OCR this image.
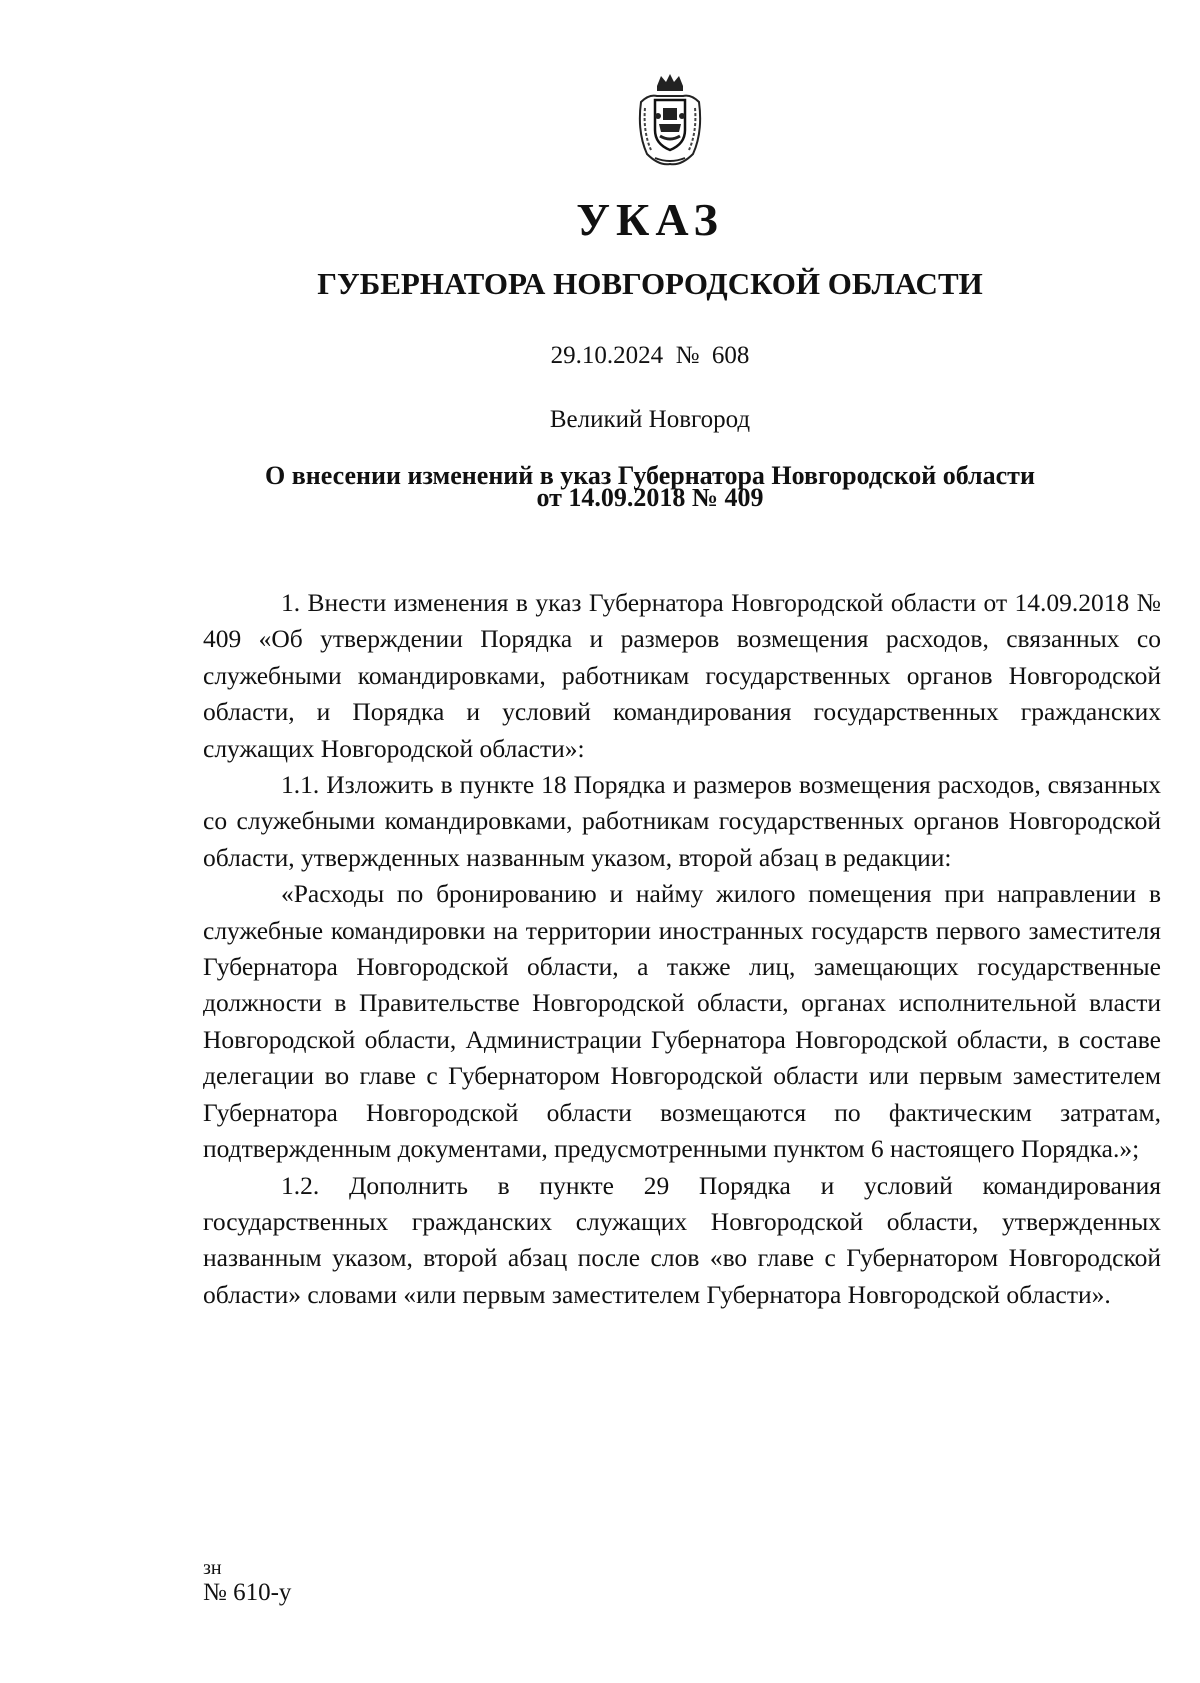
УКАЗ
ГУБЕРНАТОРА НОВГОРОДСКОЙ ОБЛАСТИ
29.10.2024 № 608
Великий Новгород
О внесении изменений в указ Губернатора Новгородской области
от 14.09.2018 № 409

1. Внести изменения в указ Губернатора Новгородской области от 14.09.2018 № 409 «Об утверждении Порядка и размеров возмещения расходов, связанных со служебными командировками, работникам государственных органов Новгородской области, и Порядка и условий командирования государственных гражданских служащих Новгородской области»:

1.1. Изложить в пункте 18 Порядка и размеров возмещения расходов, связанных со служебными командировками, работникам государственных органов Новгородской области, утвержденных названным указом, второй абзац в редакции:

«Расходы по бронированию и найму жилого помещения при направлении в служебные командировки на территории иностранных государств первого заместителя Губернатора Новгородской области, а также лиц, замещающих государственные должности в Правительстве Новгородской области, органах исполнительной власти Новгородской области, Администрации Губернатора Новгородской области, в составе делегации во главе с Губернатором Новгородской области или первым заместителем Губернатора Новгородской области возмещаются по фактическим затратам, подтвержденным документами, предусмотренными пунктом 6 настоящего Порядка.»;

1.2. Дополнить в пункте 29 Порядка и условий командирования государственных гражданских служащих Новгородской области, утвержденных названным указом, второй абзац после слов «во главе с Губернатором Новгородской области» словами «или первым заместителем Губернатора Новгородской области».

зн
№ 610-у
